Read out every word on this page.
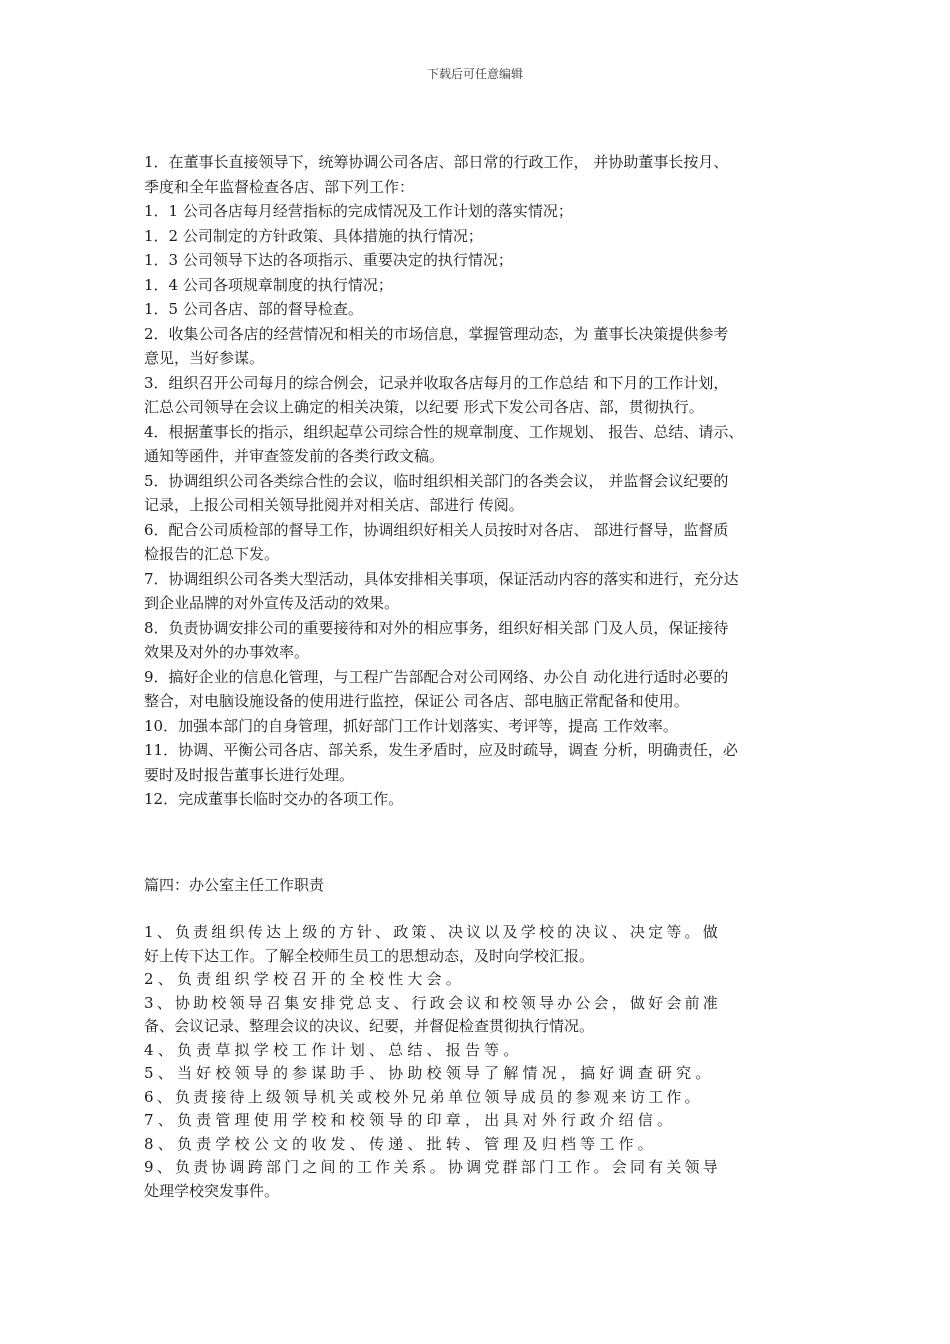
下载后可任意编辑
1．在董事长直接领导下，统筹协调公司各店、部日常的行政工作， 并协助董事长按月、
季度和全年监督检查各店、部下列工作：
1．1 公司各店每月经营指标的完成情况及工作计划的落实情况；
1．2 公司制定的方针政策、具体措施的执行情况；
1．3 公司领导下达的各项指示、重要决定的执行情况；
1．4 公司各项规章制度的执行情况；
1．5 公司各店、部的督导检查。
2．收集公司各店的经营情况和相关的市场信息，掌握管理动态，为 董事长决策提供参考
意见，当好参谋。
3．组织召开公司每月的综合例会，记录并收取各店每月的工作总结 和下月的工作计划，
汇总公司领导在会议上确定的相关决策，以纪要 形式下发公司各店、部，贯彻执行。
4．根据董事长的指示，组织起草公司综合性的规章制度、工作规划、 报告、总结、请示、
通知等函件，并审查签发前的各类行政文稿。
5．协调组织公司各类综合性的会议，临时组织相关部门的各类会议， 并监督会议纪要的
记录，上报公司相关领导批阅并对相关店、部进行 传阅。
6．配合公司质检部的督导工作，协调组织好相关人员按时对各店、 部进行督导，监督质
检报告的汇总下发。
7．协调组织公司各类大型活动，具体安排相关事项，保证活动内容的落实和进行，充分达
到企业品牌的对外宣传及活动的效果。
8．负责协调安排公司的重要接待和对外的相应事务，组织好相关部 门及人员，保证接待
效果及对外的办事效率。
9．搞好企业的信息化管理，与工程广告部配合对公司网络、办公自 动化进行适时必要的
整合，对电脑设施设备的使用进行监控，保证公 司各店、部电脑正常配备和使用。
10．加强本部门的自身管理，抓好部门工作计划落实、考评等，提高 工作效率。
11．协调、平衡公司各店、部关系，发生矛盾时，应及时疏导，调查 分析，明确责任，必
要时及时报告董事长进行处理。
12．完成董事长临时交办的各项工作。
篇四：办公室主任工作职责
1、负责组织传达上级的方针、政策、决议以及学校的决议、决定等。做
好上传下达工作。了解全校师生员工的思想动态，及时向学校汇报。
2、负责组织学校召开的全校性大会。
3、协助校领导召集安排党总支、行政会议和校领导办公会，做好会前准
备、会议记录、整理会议的决议、纪要，并督促检查贯彻执行情况。
4、负责草拟学校工作计划、总结、报告等。
5、当好校领导的参谋助手、协助校领导了解情况，搞好调查研究。
6、负责接待上级领导机关或校外兄弟单位领导成员的参观来访工作。
7、负责管理使用学校和校领导的印章，出具对外行政介绍信。
8、负责学校公文的收发、传递、批转、管理及归档等工作。
9、负责协调跨部门之间的工作关系。协调党群部门工作。会同有关领导
处理学校突发事件。
